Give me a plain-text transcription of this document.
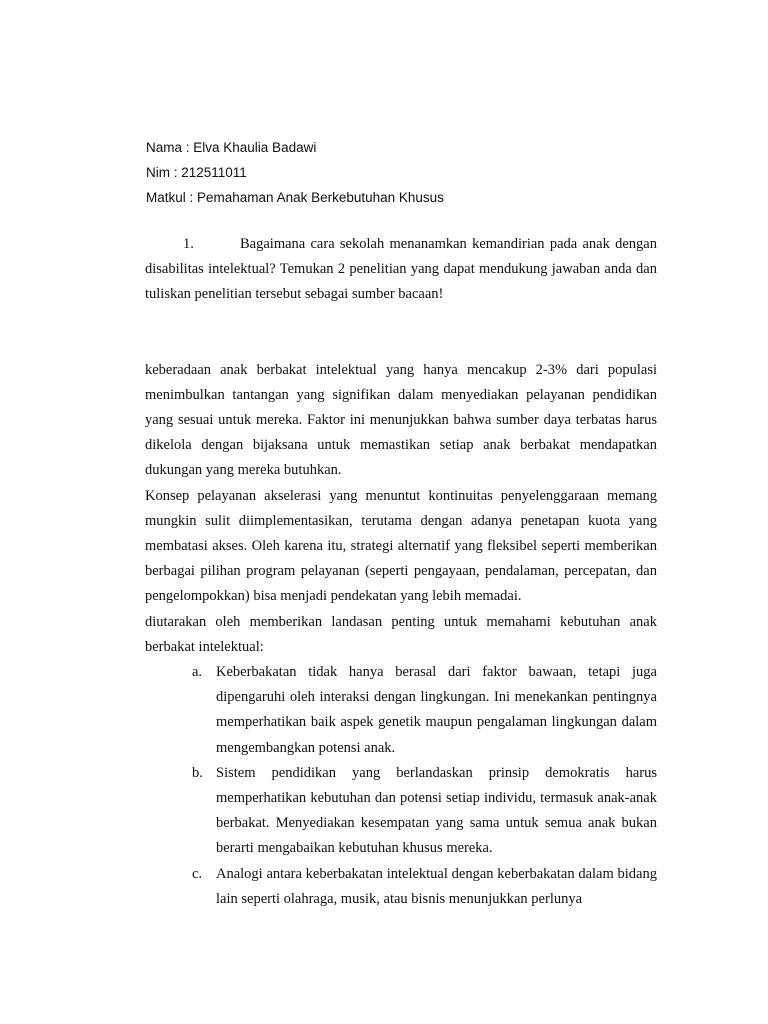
Nama : Elva Khaulia Badawi
Nim : 212511011
Matkul : Pemahaman Anak Berkebutuhan Khusus

1.	Bagaimana cara sekolah menanamkan kemandirian pada anak dengan disabilitas intelektual? Temukan 2 penelitian yang dapat mendukung jawaban anda dan tuliskan penelitian tersebut sebagai sumber bacaan!

keberadaan anak berbakat intelektual yang hanya mencakup 2-3% dari populasi menimbulkan tantangan yang signifikan dalam menyediakan pelayanan pendidikan yang sesuai untuk mereka. Faktor ini menunjukkan bahwa sumber daya terbatas harus dikelola dengan bijaksana untuk memastikan setiap anak berbakat mendapatkan dukungan yang mereka butuhkan.

Konsep pelayanan akselerasi yang menuntut kontinuitas penyelenggaraan memang mungkin sulit diimplementasikan, terutama dengan adanya penetapan kuota yang membatasi akses. Oleh karena itu, strategi alternatif yang fleksibel seperti memberikan berbagai pilihan program pelayanan (seperti pengayaan, pendalaman, percepatan, dan pengelompokkan) bisa menjadi pendekatan yang lebih memadai.

diutarakan oleh memberikan landasan penting untuk memahami kebutuhan anak berbakat intelektual:

a. Keberbakatan tidak hanya berasal dari faktor bawaan, tetapi juga dipengaruhi oleh interaksi dengan lingkungan. Ini menekankan pentingnya memperhatikan baik aspek genetik maupun pengalaman lingkungan dalam mengembangkan potensi anak.
b. Sistem pendidikan yang berlandaskan prinsip demokratis harus memperhatikan kebutuhan dan potensi setiap individu, termasuk anak-anak berbakat. Menyediakan kesempatan yang sama untuk semua anak bukan berarti mengabaikan kebutuhan khusus mereka.
c. Analogi antara keberbakatan intelektual dengan keberbakatan dalam bidang lain seperti olahraga, musik, atau bisnis menunjukkan perlunya
